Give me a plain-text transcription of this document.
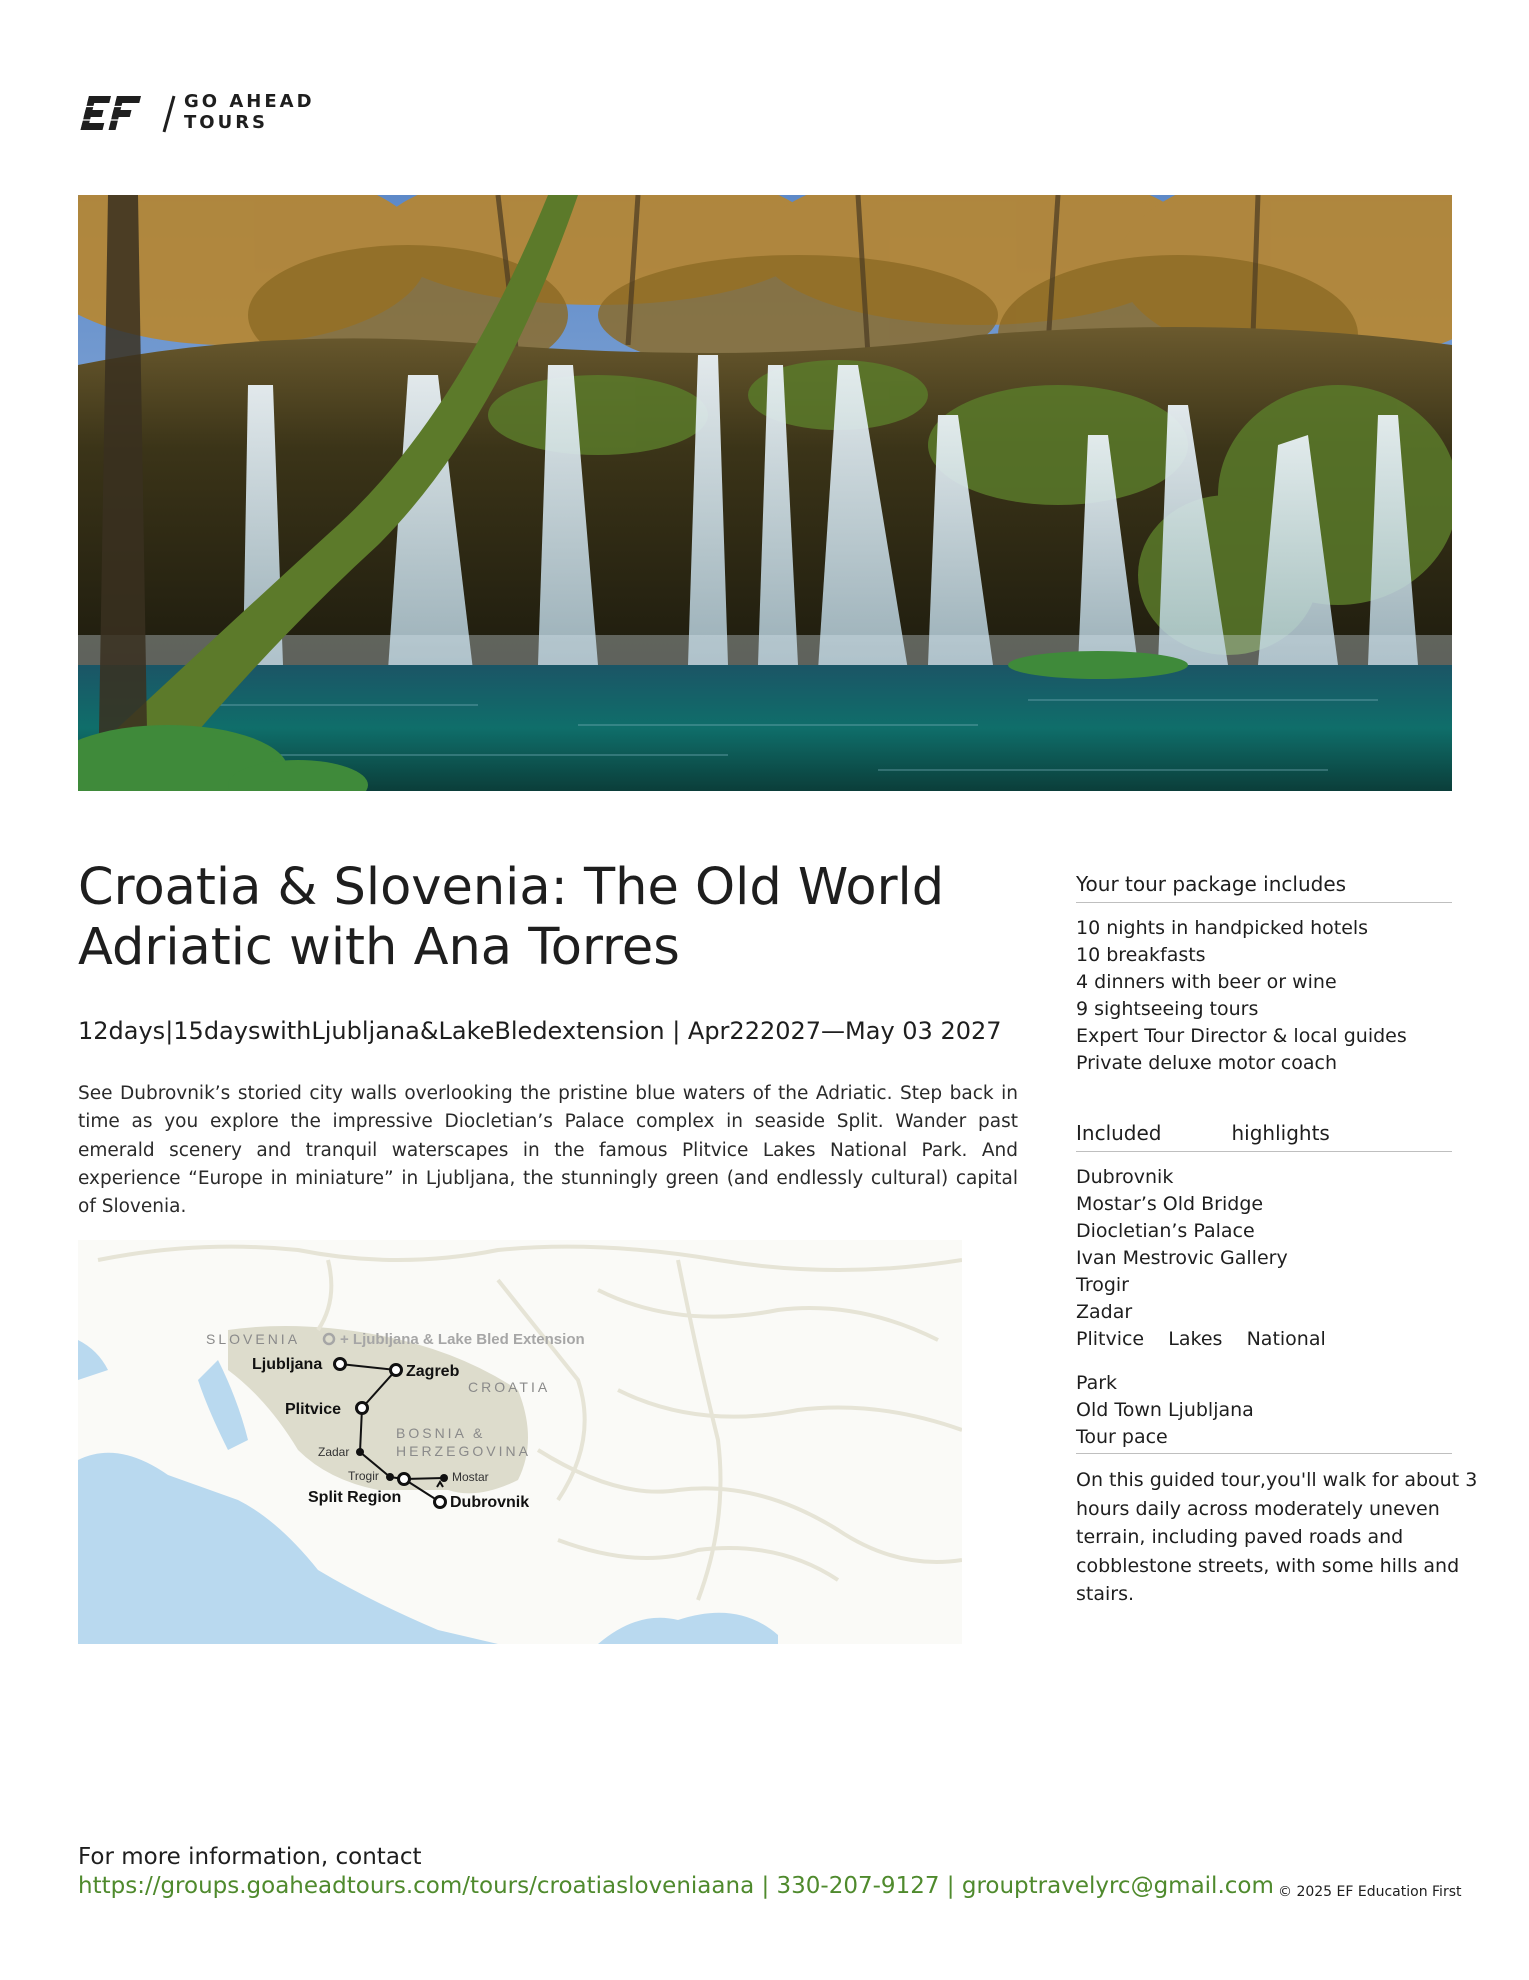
GO AHEAD
TOURS
Croatia & Slovenia: The Old World Adriatic with Ana Torres
12days|15dayswithLjubljana&LakeBledextension | Apr222027—May 03 2027

See Dubrovnik’s storied city walls overlooking the pristine blue waters of the Adriatic. Step back in time as you explore the impressive Diocletian’s Palace complex in seaside Split. Wander past emerald scenery and tranquil waterscapes in the famous Plitvice Lakes National Park. And experience “Europe in miniature” in Ljubljana, the stunningly green (and endlessly cultural) capital of Slovenia.

SLOVENIA	+ Ljubljana & Lake Bled Extension
CROATIA
BOSNIA &
HERZEGOVINA
Ljubljana	Zagreb
Plitvice
Zadar
Trogir	Mostar
Split Region	Dubrovnik
Your tour package includes
10 nights in handpicked hotels
10 breakfasts
4 dinners with beer or wine
9 sightseeing tours
Expert Tour Director & local guides
Private deluxe motor coach
Included	highlights
Dubrovnik
Mostar’s Old Bridge
Diocletian’s Palace
Ivan Mestrovic Gallery
Trogir
Zadar
Plitvice    Lakes    National
Park
Old Town Ljubljana
Tour pace
On this guided tour,you'll walk for about 3 hours daily across moderately uneven terrain, including paved roads and cobblestone streets, with some hills and stairs.
For more information, contact
https://groups.goaheadtours.com/tours/croatiasloveniaana | 330-207-9127 | grouptravelyrc@gmail.com © 2025 EF Education First
